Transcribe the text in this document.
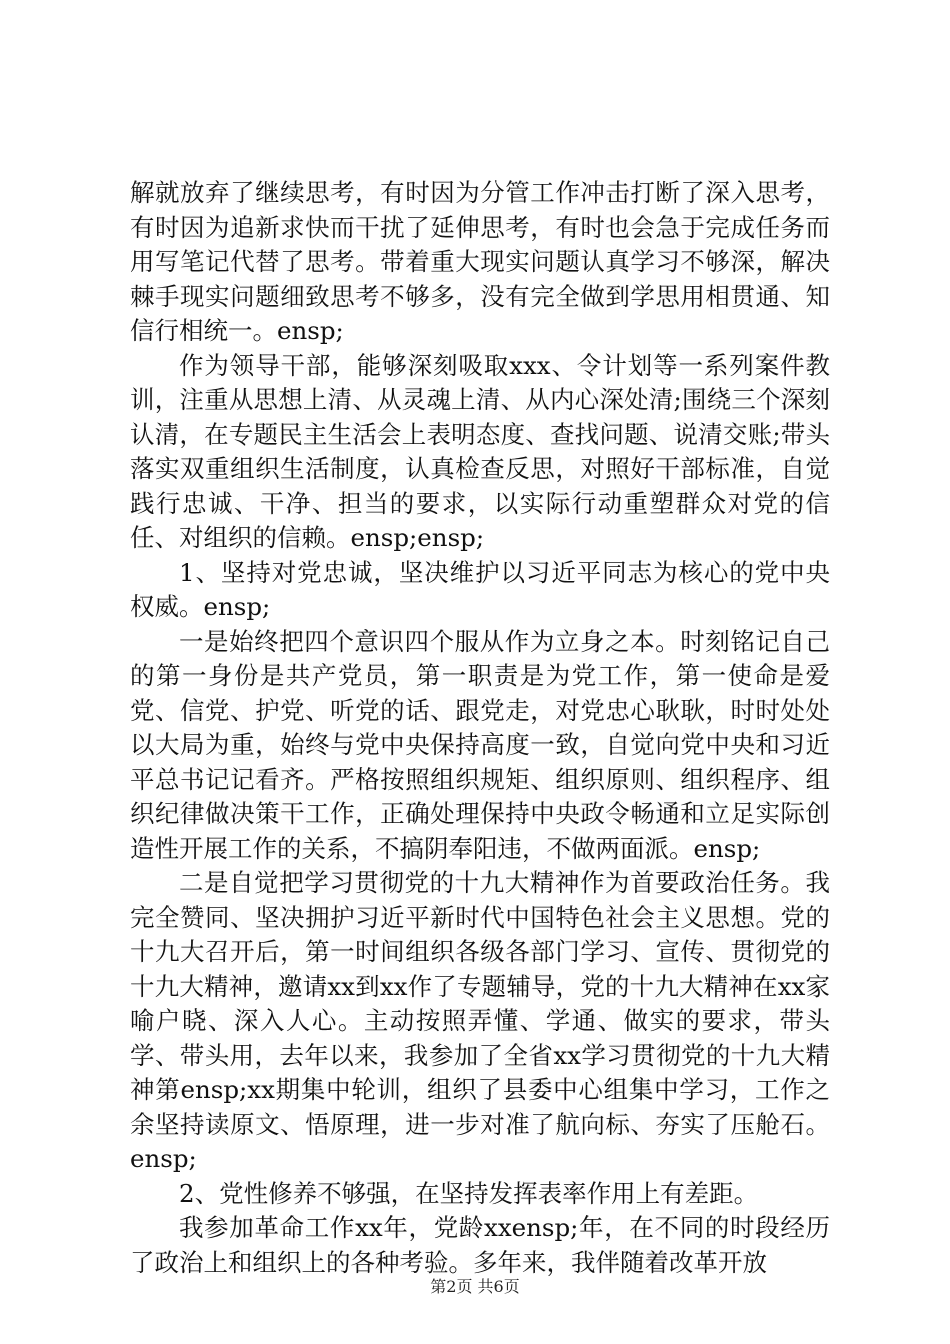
解就放弃了继续思考，有时因为分管工作冲击打断了深入思考，有时因为追新求快而干扰了延伸思考，有时也会急于完成任务而用写笔记代替了思考。带着重大现实问题认真学习不够深，解决棘手现实问题细致思考不够多，没有完全做到学思用相贯通、知信行相统一。ensp;

作为领导干部，能够深刻吸取xxx、令计划等一系列案件教训，注重从思想上清、从灵魂上清、从内心深处清;围绕三个深刻认清，在专题民主生活会上表明态度、查找问题、说清交账;带头落实双重组织生活制度，认真检查反思，对照好干部标准，自觉践行忠诚、干净、担当的要求，以实际行动重塑群众对党的信任、对组织的信赖。ensp;ensp;

1、坚持对党忠诚，坚决维护以习近平同志为核心的党中央权威。ensp;

一是始终把四个意识四个服从作为立身之本。时刻铭记自己的第一身份是共产党员，第一职责是为党工作，第一使命是爱党、信党、护党、听党的话、跟党走，对党忠心耿耿，时时处处以大局为重，始终与党中央保持高度一致，自觉向党中央和习近平总书记记看齐。严格按照组织规矩、组织原则、组织程序、组织纪律做决策干工作，正确处理保持中央政令畅通和立足实际创造性开展工作的关系，不搞阴奉阳违，不做两面派。ensp;

二是自觉把学习贯彻党的十九大精神作为首要政治任务。我完全赞同、坚决拥护习近平新时代中国特色社会主义思想。党的十九大召开后，第一时间组织各级各部门学习、宣传、贯彻党的十九大精神，邀请xx到xx作了专题辅导，党的十九大精神在xx家喻户晓、深入人心。主动按照弄懂、学通、做实的要求，带头学、带头用，去年以来，我参加了全省xx学习贯彻党的十九大精神第ensp;xx期集中轮训，组织了县委中心组集中学习，工作之余坚持读原文、悟原理，进一步对准了航向标、夯实了压舱石。ensp;

2、党性修养不够强，在坚持发挥表率作用上有差距。

我参加革命工作xx年，党龄xxensp;年，在不同的时段经历了政治上和组织上的各种考验。多年来，我伴随着改革开放

第2页 共6页
